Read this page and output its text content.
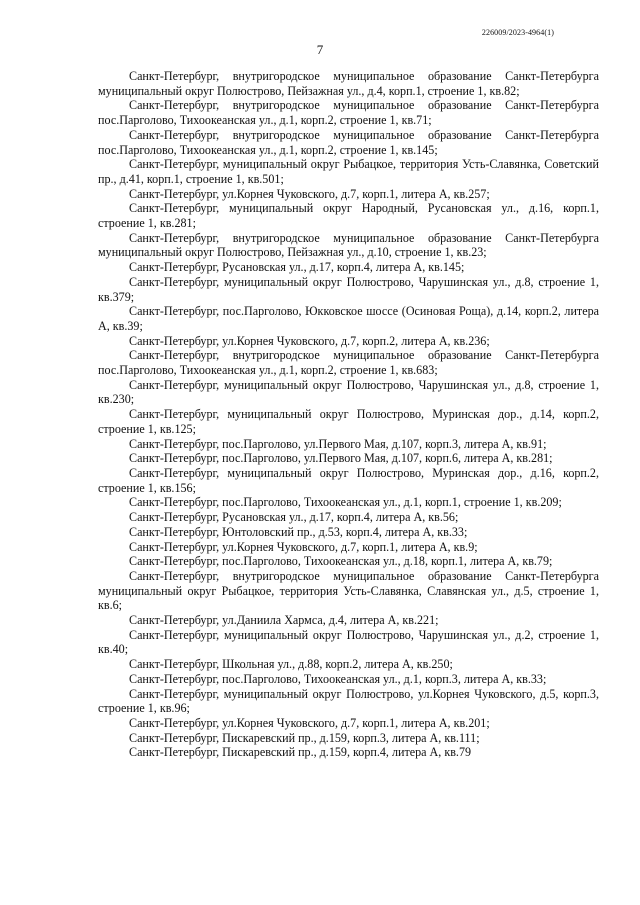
226009/2023-4964(1)
7

Санкт-Петербург, внутригородское муниципальное образование Санкт-Петербурга муниципальный округ Полюстрово, Пейзажная ул., д.4, корп.1, строение 1, кв.82;

Санкт-Петербург, внутригородское муниципальное образование Санкт-Петербурга пос.Парголово, Тихоокеанская ул., д.1, корп.2, строение 1, кв.71;

Санкт-Петербург, внутригородское муниципальное образование Санкт-Петербурга пос.Парголово, Тихоокеанская ул., д.1, корп.2, строение 1, кв.145;

Санкт-Петербург, муниципальный округ Рыбацкое, территория Усть-Славянка, Советский пр., д.41, корп.1, строение 1, кв.501;

Санкт-Петербург, ул.Корнея Чуковского, д.7, корп.1, литера А, кв.257;

Санкт-Петербург, муниципальный округ Народный, Русановская ул., д.16, корп.1, строение 1, кв.281;

Санкт-Петербург, внутригородское муниципальное образование Санкт-Петербурга муниципальный округ Полюстрово, Пейзажная ул., д.10, строение 1, кв.23;

Санкт-Петербург, Русановская ул., д.17, корп.4, литера А, кв.145;

Санкт-Петербург, муниципальный округ Полюстрово, Чарушинская ул., д.8, строение 1, кв.379;

Санкт-Петербург, пос.Парголово, Юкковское шоссе (Осиновая Роща), д.14, корп.2, литера А, кв.39;

Санкт-Петербург, ул.Корнея Чуковского, д.7, корп.2, литера А, кв.236;

Санкт-Петербург, внутригородское муниципальное образование Санкт-Петербурга пос.Парголово, Тихоокеанская ул., д.1, корп.2, строение 1, кв.683;

Санкт-Петербург, муниципальный округ Полюстрово, Чарушинская ул., д.8, строение 1, кв.230;

Санкт-Петербург, муниципальный округ Полюстрово, Муринская дор., д.14, корп.2, строение 1, кв.125;

Санкт-Петербург, пос.Парголово, ул.Первого Мая, д.107, корп.3, литера А, кв.91;

Санкт-Петербург, пос.Парголово, ул.Первого Мая, д.107, корп.6, литера А, кв.281;

Санкт-Петербург, муниципальный округ Полюстрово, Муринская дор., д.16, корп.2, строение 1, кв.156;

Санкт-Петербург, пос.Парголово, Тихоокеанская ул., д.1, корп.1, строение 1, кв.209;

Санкт-Петербург, Русановская ул., д.17, корп.4, литера А, кв.56;

Санкт-Петербург, Юнтоловский пр., д.53, корп.4, литера А, кв.33;

Санкт-Петербург, ул.Корнея Чуковского, д.7, корп.1, литера А, кв.9;

Санкт-Петербург, пос.Парголово, Тихоокеанская ул., д.18, корп.1, литера А, кв.79;

Санкт-Петербург, внутригородское муниципальное образование Санкт-Петербурга муниципальный округ Рыбацкое, территория Усть-Славянка, Славянская ул., д.5, строение 1, кв.6;

Санкт-Петербург, ул.Даниила Хармса, д.4, литера А, кв.221;

Санкт-Петербург, муниципальный округ Полюстрово, Чарушинская ул., д.2, строение 1, кв.40;

Санкт-Петербург, Школьная ул., д.88, корп.2, литера А, кв.250;

Санкт-Петербург, пос.Парголово, Тихоокеанская ул., д.1, корп.3, литера А, кв.33;

Санкт-Петербург, муниципальный округ Полюстрово, ул.Корнея Чуковского, д.5, корп.3, строение 1, кв.96;

Санкт-Петербург, ул.Корнея Чуковского, д.7, корп.1, литера А, кв.201;

Санкт-Петербург, Пискаревский пр., д.159, корп.3, литера А, кв.111;

Санкт-Петербург, Пискаревский пр., д.159, корп.4, литера А, кв.79
